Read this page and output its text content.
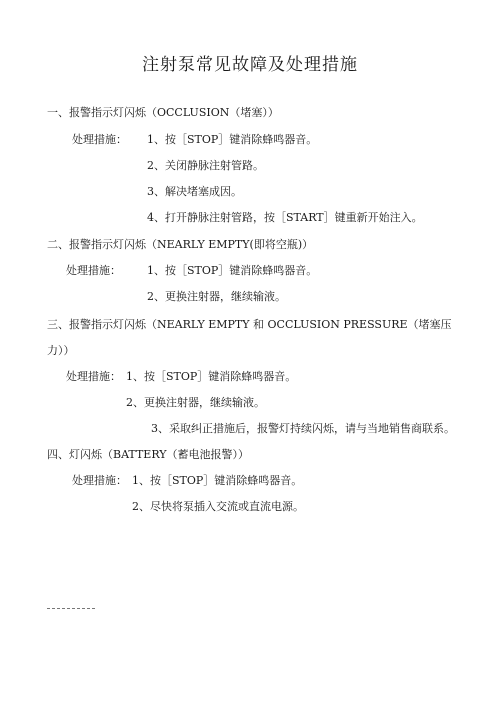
注射泵常见故障及处理措施
一、报警指示灯闪烁（OCCLUSION（堵塞））
处理措施： 1、按［STOP］键消除蜂鸣器音。
2、关闭静脉注射管路。
3、解决堵塞成因。
4、打开静脉注射管路，按［START］键重新开始注入。
二、报警指示灯闪烁（NEARLY EMPTY(即将空瓶)）
处理措施： 1、按［STOP］键消除蜂鸣器音。
2、更换注射器，继续输液。
三、报警指示灯闪烁（NEARLY EMPTY 和 OCCLUSION PRESSURE（堵塞压
力））
处理措施： 1、按［STOP］键消除蜂鸣器音。
2、更换注射器，继续输液。
3、采取纠正措施后，报警灯持续闪烁，请与当地销售商联系。
四、灯闪烁（BATTERY（蓄电池报警））
处理措施： 1、按［STOP］键消除蜂鸣器音。
2、尽快将泵插入交流或直流电源。
